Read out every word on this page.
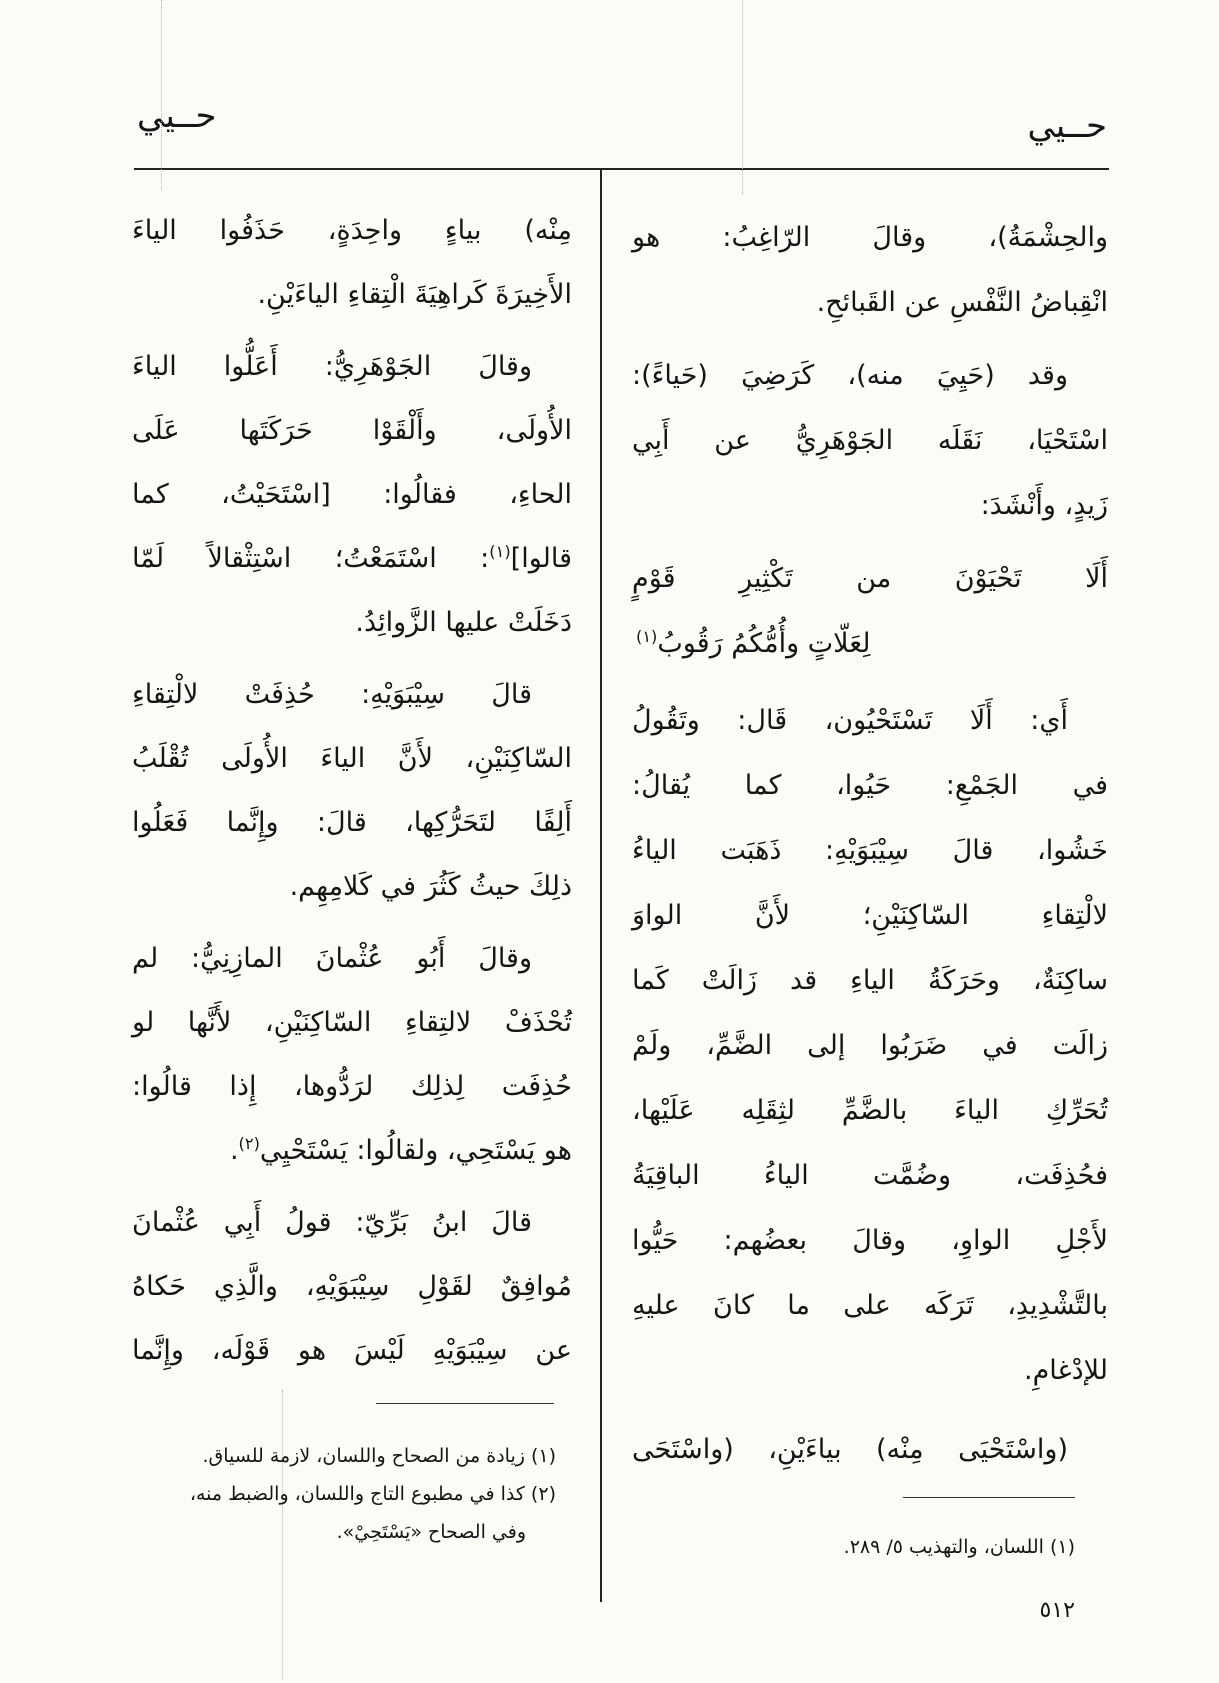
حــيي
حــيي
والحِشْمَةُ)، وقالَ الرّاغِبُ: هو
انْقِباضُ النَّفْسِ عن القَبائحِ.
وقد (حَيِيَ منه)، كَرَضِيَ (حَياءً):
اسْتَحْيَا، نَقَلَه الجَوْهَرِيُّ عن أَبِي
زَيدٍ، وأَنْشَدَ:
أَلَا تَحْيَوْنَ من تَكْثِيرِ قَوْمٍ
لِعَلّاتٍ وأُمُّكُمُ رَقُوبُ$^{(١)}$
أَي: أَلَا تَسْتَحْيُون، قَال: وتَقُولُ
في الجَمْعِ: حَيُوا، كما يُقالُ:
خَشُوا، قالَ سِيْبَوَيْهِ: ذَهَبَت الياءُ
لالْتِقاءِ السّاكِنَيْنِ؛ لأَنَّ الواوَ
ساكِنَةٌ، وحَرَكَةُ الياءِ قد زَالَتْ كَما
زالَت في ضَرَبُوا إلى الضَّمِّ، ولَمْ
تُحَرِّكِ الياءَ بالضَّمِّ لثِقَلِه عَلَيْها،
فحُذِفَت، وضُمَّت الياءُ الباقِيَةُ
لأَجْلِ الواوِ، وقالَ بعضُهم: حَيُّوا
بالتَّشْدِيدِ، تَرَكَه على ما كانَ عليهِ
للإدْغامِ.
(واسْتَحْيَى مِنْه) بياءَيْنِ، (واسْتَحَى
مِنْه) بياءٍ واحِدَةٍ، حَذَفُوا الياءَ
الأَخِيرَةَ كَراهِيَةَ الْتِقاءِ الياءَيْنِ.
وقالَ الجَوْهَرِيُّ: أَعَلُّوا الياءَ
الأُولَى، وأَلْقَوْا حَرَكَتَها عَلَى
الحاءِ، فقالُوا: [اسْتَحَيْتُ، كما
قالوا]$^{(١)}$: اسْتَمَعْتُ؛ اسْتِثْقالاً لَمّا
دَخَلَتْ عليها الزَّوائِدُ.
قالَ سِيْبَوَيْهِ: حُذِفَتْ لالْتِقاءِ
السّاكِنَيْنِ، لأَنَّ الياءَ الأُولَى تُقْلَبُ
أَلِفًا لتَحَرُّكِها، قالَ: وإِنَّما فَعَلُوا
ذلِكَ حيثُ كَثُرَ في كَلامِهِم.
وقالَ أَبُو عُثْمانَ المازِنِيُّ: لم
تُحْذَفْ لالتِقاءِ السّاكِنَيْنِ، لأَنَّها لو
حُذِفَت لِذلِك لرَدُّوها، إِذا قالُوا:
هو يَسْتَحِي، ولقالُوا: يَسْتَحْيِي$^{(٢)}$.
قالَ ابنُ بَرِّيّ: قولُ أَبِي عُثْمانَ
مُوافِقٌ لقَوْلِ سِيْبَوَيْهِ، والَّذِي حَكاهُ
عن سِيْبَوَيْهِ لَيْسَ هو قَوْلَه، وإِنَّما
(١) زيادة من الصحاح واللسان، لازمة للسياق.
(٢) كذا في مطبوع التاج واللسان، والضبط منه،
وفي الصحاح «يَسْتَحِيْ».
(١) اللسان، والتهذيب ٥/ ٢٨٩.
٥١٢
